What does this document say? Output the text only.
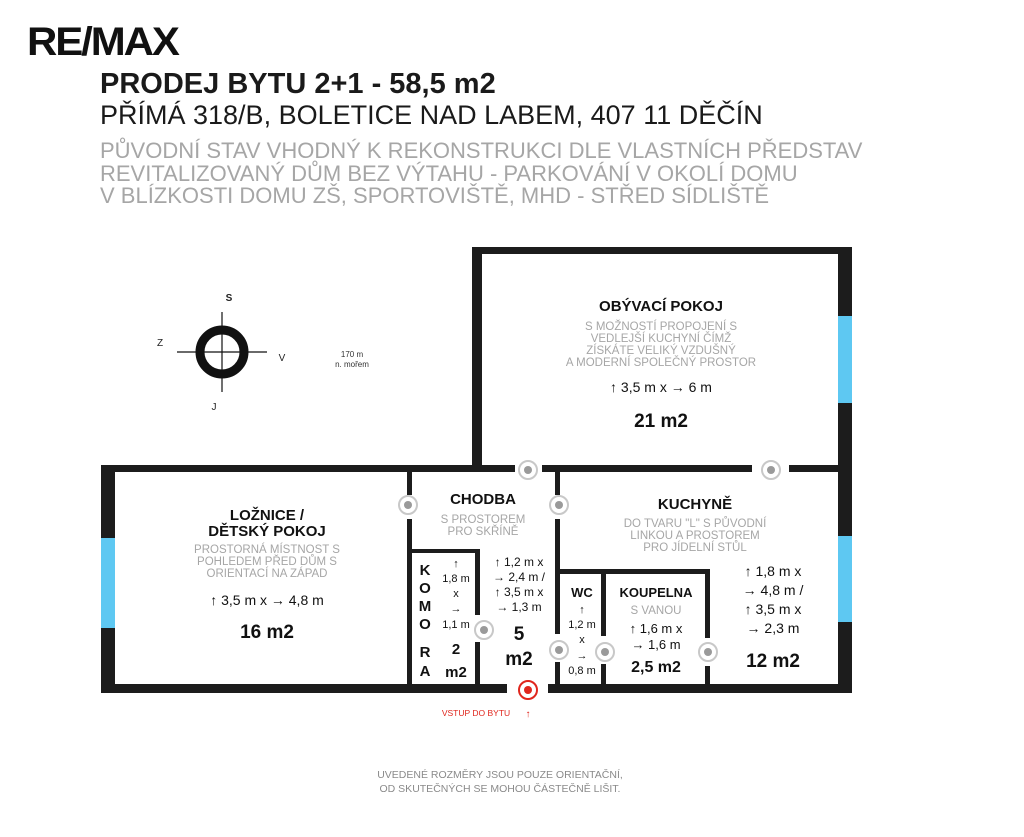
RE/MAX
PRODEJ BYTU 2+1 - 58,5 m2
PŘÍMÁ 318/B, BOLETICE NAD LABEM, 407 11 DĚČÍN
PŮVODNÍ STAV VHODNÝ K REKONSTRUKCI DLE VLASTNÍCH PŘEDSTAV
REVITALIZOVANÝ DŮM BEZ VÝTAHU - PARKOVÁNÍ V OKOLÍ DOMU
V BLÍZKOSTI DOMU ZŠ, SPORTOVIŠTĚ, MHD - STŘED SÍDLIŠTĚ
S
J
Z
V	170 m
n. mořem
VSTUP DO BYTU ↑
OBÝVACÍ POKOJ
S MOŽNOSTÍ PROPOJENÍ S
VEDLEJŠÍ KUCHYNÍ ČÍMŽ
ZÍSKÁTE VELIKÝ VZDUŠNÝ
A MODERNÍ SPOLEČNÝ PROSTOR
↑ 3,5 m x → 6 m
21 m2
LOŽNICE /
DĚTSKÝ POKOJ
PROSTORNÁ MÍSTNOST S
POHLEDEM PŘED DŮM S
ORIENTACÍ NA ZÁPAD
↑ 3,5 m x → 4,8 m
16 m2
CHODBA
S PROSTOREM
PRO SKŘÍNĚ
↑ 1,2 m x
→ 2,4 m /
↑ 3,5 m x
→ 1,3 m
5
m2
K
O
M
O
R
A
↑
1,8 m
x
→
1,1 m
2
m2
KUCHYNĚ
DO TVARU "L" S PŮVODNÍ
LINKOU A PROSTOREM
PRO JÍDELNÍ STŮL
↑ 1,8 m x
→ 4,8 m /
↑ 3,5 m x
→ 2,3 m
12 m2
WC
↑
1,2 m
x
→
0,8 m
KOUPELNA
S VANOU
↑ 1,6 m x
→ 1,6 m
2,5 m2
UVEDENÉ ROZMĚRY JSOU POUZE ORIENTAČNÍ,
OD SKUTEČNÝCH SE MOHOU ČÁSTEČNĚ LIŠIT.
